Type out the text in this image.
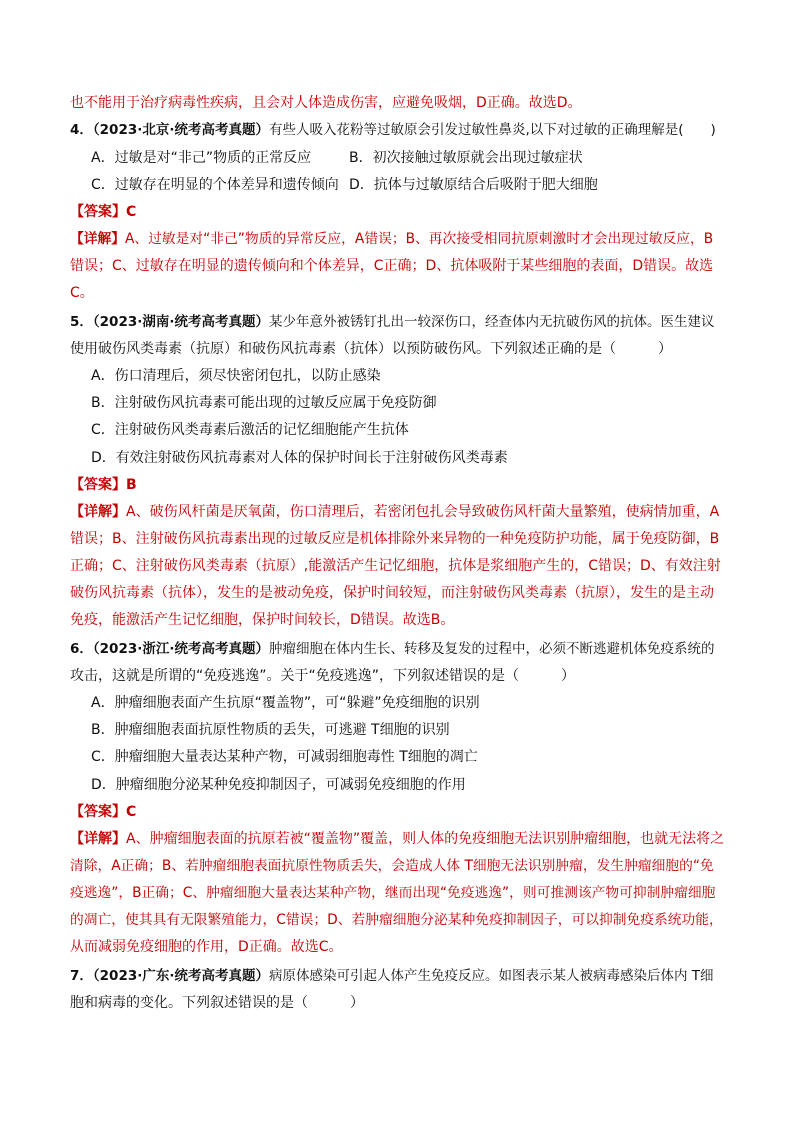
也不能用于治疗病毒性疾病，且会对人体造成伤害，应避免吸烟，D正确。故选D。
4．（2023·北京·统考高考真题）有些人吸入花粉等过敏原会引发过敏性鼻炎,以下对过敏的正确理解是(　　)
A．过敏是对“非己”物质的正常反应	B．初次接触过敏原就会出现过敏症状
C．过敏存在明显的个体差异和遗传倾向 D．抗体与过敏原结合后吸附于肥大细胞
【答案】C
【详解】A、过敏是对“非己”物质的异常反应，A错误；B、再次接受相同抗原刺激时才会出现过敏反应，B
错误；C、过敏存在明显的遗传倾向和个体差异，C正确；D、抗体吸附于某些细胞的表面，D错误。故选
C。
5．（2023·湖南·统考高考真题）某少年意外被锈钉扎出一较深伤口，经查体内无抗破伤风的抗体。医生建议
使用破伤风类毒素（抗原）和破伤风抗毒素（抗体）以预防破伤风。下列叙述正确的是（　　　）
A．伤口清理后，须尽快密闭包扎，以防止感染
B．注射破伤风抗毒素可能出现的过敏反应属于免疫防御
C．注射破伤风类毒素后激活的记忆细胞能产生抗体
D．有效注射破伤风抗毒素对人体的保护时间长于注射破伤风类毒素
【答案】B
【详解】A、破伤风杆菌是厌氧菌，伤口清理后，若密闭包扎会导致破伤风杆菌大量繁殖，使病情加重，A
错误；B、注射破伤风抗毒素出现的过敏反应是机体排除外来异物的一种免疫防护功能，属于免疫防御，B
正确；C、注射破伤风类毒素（抗原）,能激活产生记忆细胞，抗体是浆细胞产生的，C错误；D、有效注射
破伤风抗毒素（抗体），发生的是被动免疫，保护时间较短，而注射破伤风类毒素（抗原），发生的是主动
免疫，能激活产生记忆细胞，保护时间较长，D错误。故选B。
6．（2023·浙江·统考高考真题）肿瘤细胞在体内生长、转移及复发的过程中，必须不断逃避机体免疫系统的
攻击，这就是所谓的“免疫逃逸”。关于“免疫逃逸”，下列叙述错误的是（　　　）
A．肿瘤细胞表面产生抗原“覆盖物”，可“躲避”免疫细胞的识别
B．肿瘤细胞表面抗原性物质的丢失，可逃避 T细胞的识别
C．肿瘤细胞大量表达某种产物，可减弱细胞毒性 T细胞的凋亡
D．肿瘤细胞分泌某种免疫抑制因子，可减弱免疫细胞的作用
【答案】C
【详解】A、肿瘤细胞表面的抗原若被“覆盖物”覆盖，则人体的免疫细胞无法识别肿瘤细胞，也就无法将之
清除，A正确；B、若肿瘤细胞表面抗原性物质丢失，会造成人体 T细胞无法识别肿瘤，发生肿瘤细胞的“免
疫逃逸”，B正确；C、肿瘤细胞大量表达某种产物，继而出现“免疫逃逸”，则可推测该产物可抑制肿瘤细胞
的凋亡，使其具有无限繁殖能力，C错误；D、若肿瘤细胞分泌某种免疫抑制因子，可以抑制免疫系统功能，
从而减弱免疫细胞的作用，D正确。故选C。
7．（2023·广东·统考高考真题）病原体感染可引起人体产生免疫反应。如图表示某人被病毒感染后体内 T细
胞和病毒的变化。下列叙述错误的是（　　　）
